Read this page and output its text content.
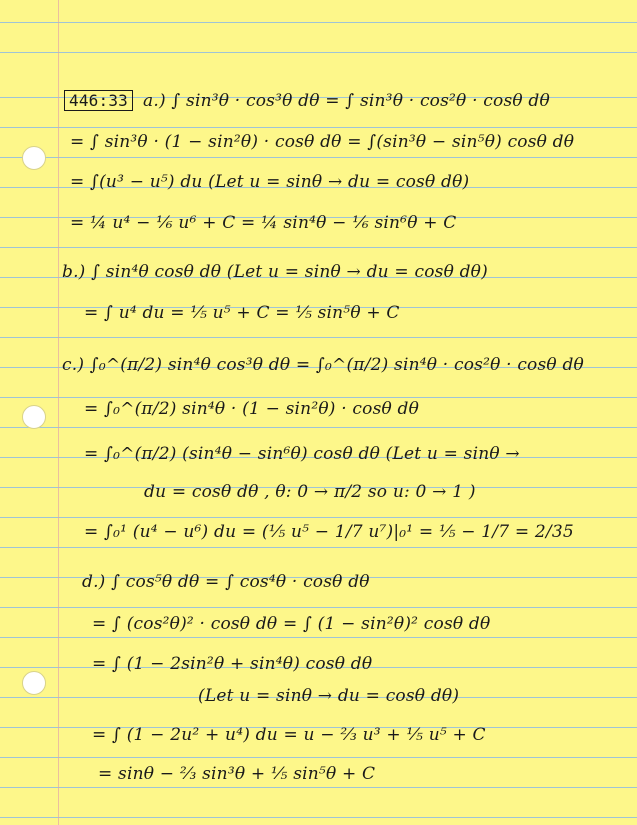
446:33 a.) ∫ sin³θ · cos³θ dθ = ∫ sin³θ · cos²θ · cosθ dθ
= ∫ sin³θ · (1 − sin²θ) · cosθ dθ = ∫(sin³θ − sin⁵θ) cosθ dθ
= ∫(u³ − u⁵) du (Let u = sinθ → du = cosθ dθ)
= ¼ u⁴ − ⅙ u⁶ + C = ¼ sin⁴θ − ⅙ sin⁶θ + C
b.) ∫ sin⁴θ cosθ dθ (Let u = sinθ → du = cosθ dθ)
= ∫ u⁴ du = ⅕ u⁵ + C = ⅕ sin⁵θ + C
c.) ∫₀^(π/2) sin⁴θ cos³θ dθ = ∫₀^(π/2) sin⁴θ · cos²θ · cosθ dθ
= ∫₀^(π/2) sin⁴θ · (1 − sin²θ) · cosθ dθ
= ∫₀^(π/2) (sin⁴θ − sin⁶θ) cosθ dθ (Let u = sinθ →
du = cosθ dθ , θ: 0 → π/2 so u: 0 → 1 )
= ∫₀¹ (u⁴ − u⁶) du = (⅕ u⁵ − 1/7 u⁷)|₀¹ = ⅕ − 1/7 = 2/35
d.) ∫ cos⁵θ dθ = ∫ cos⁴θ · cosθ dθ
= ∫ (cos²θ)² · cosθ dθ = ∫ (1 − sin²θ)² cosθ dθ
= ∫ (1 − 2sin²θ + sin⁴θ) cosθ dθ
(Let u = sinθ → du = cosθ dθ)
= ∫ (1 − 2u² + u⁴) du = u − ⅔ u³ + ⅕ u⁵ + C
= sinθ − ⅔ sin³θ + ⅕ sin⁵θ + C
